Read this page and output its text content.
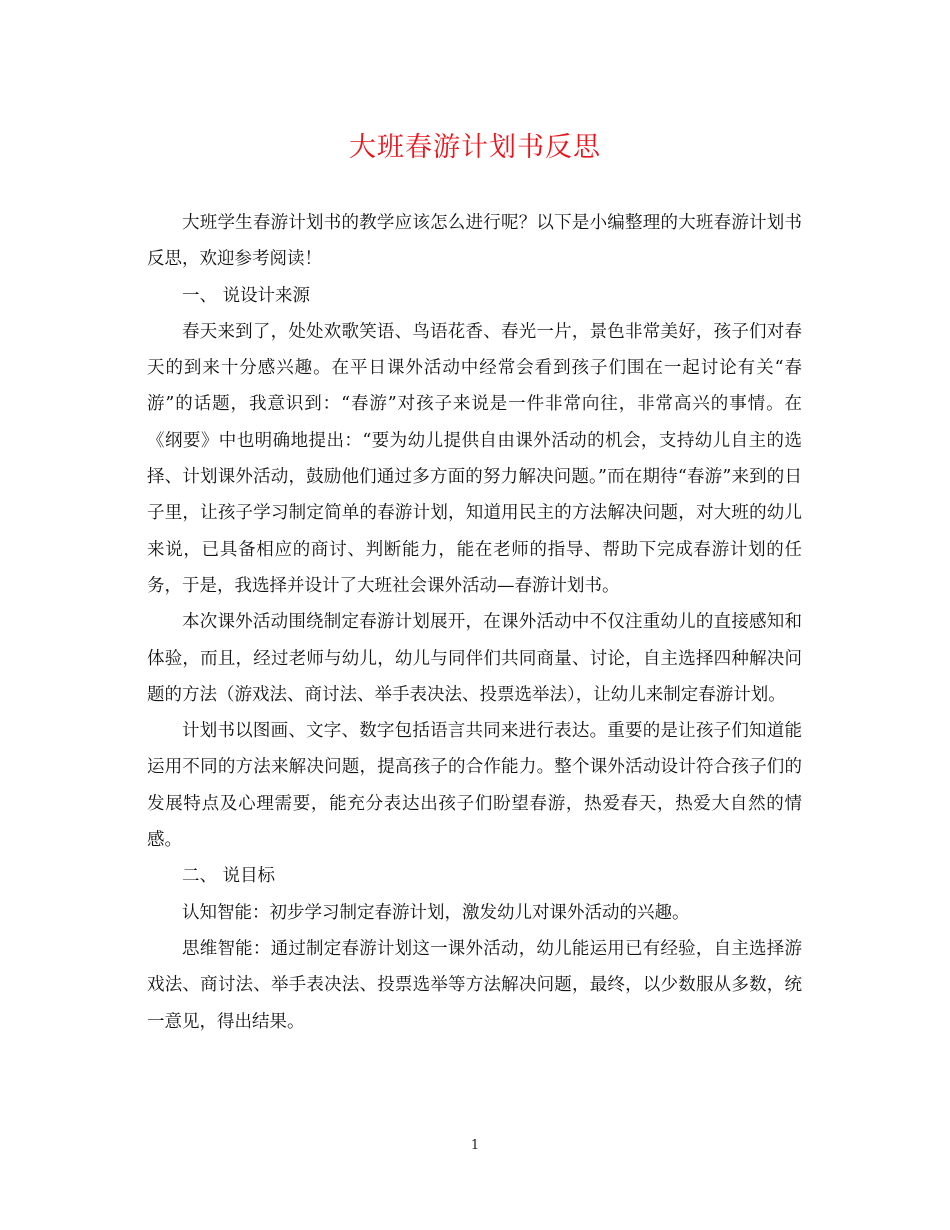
大班春游计划书反思

大班学生春游计划书的教学应该怎么进行呢？以下是小编整理的大班春游计划书反思，欢迎参考阅读！

一、 说设计来源

春天来到了，处处欢歌笑语、鸟语花香、春光一片，景色非常美好，孩子们对春天的到来十分感兴趣。在平日课外活动中经常会看到孩子们围在一起讨论有关“春游”的话题，我意识到：“春游”对孩子来说是一件非常向往，非常高兴的事情。在《纲要》中也明确地提出：“要为幼儿提供自由课外活动的机会，支持幼儿自主的选择、计划课外活动，鼓励他们通过多方面的努力解决问题。”而在期待“春游”来到的日子里，让孩子学习制定简单的春游计划，知道用民主的方法解决问题，对大班的幼儿来说，已具备相应的商讨、判断能力，能在老师的指导、帮助下完成春游计划的任务，于是，我选择并设计了大班社会课外活动—春游计划书。

本次课外活动围绕制定春游计划展开，在课外活动中不仅注重幼儿的直接感知和体验，而且，经过老师与幼儿，幼儿与同伴们共同商量、讨论，自主选择四种解决问题的方法（游戏法、商讨法、举手表决法、投票选举法），让幼儿来制定春游计划。

计划书以图画、文字、数字包括语言共同来进行表达。重要的是让孩子们知道能运用不同的方法来解决问题，提高孩子的合作能力。整个课外活动设计符合孩子们的发展特点及心理需要，能充分表达出孩子们盼望春游，热爱春天，热爱大自然的情感。

二、 说目标

认知智能：初步学习制定春游计划，激发幼儿对课外活动的兴趣。

思维智能：通过制定春游计划这一课外活动，幼儿能运用已有经验，自主选择游戏法、商讨法、举手表决法、投票选举等方法解决问题，最终，以少数服从多数，统一意见，得出结果。

1
